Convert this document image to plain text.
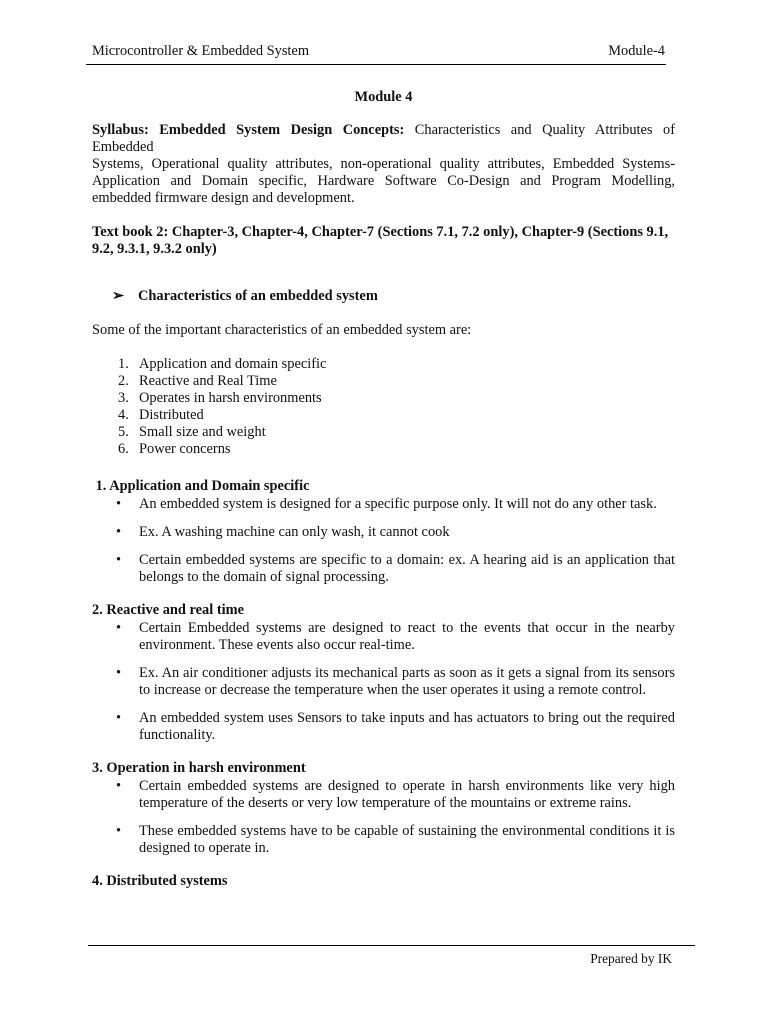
Microcontroller & Embedded System	Module-4
Module 4

Syllabus: Embedded System Design Concepts: Characteristics and Quality Attributes of Embedded
Systems, Operational quality attributes, non-operational quality attributes, Embedded Systems-Application and Domain specific, Hardware Software Co-Design and Program Modelling, embedded firmware design and development.

Text book 2: Chapter-3, Chapter-4, Chapter-7 (Sections 7.1, 7.2 only), Chapter-9 (Sections 9.1, 9.2, 9.3.1, 9.3.2 only)

➢ Characteristics of an embedded system

Some of the important characteristics of an embedded system are:

1. Application and domain specific
2. Reactive and Real Time
3. Operates in harsh environments
4. Distributed
5. Small size and weight
6. Power concerns
1. Application and Domain specific
•	An embedded system is designed for a specific purpose only. It will not do any other task.
•	Ex. A washing machine can only wash, it cannot cook
•	Certain embedded systems are specific to a domain: ex. A hearing aid is an application that belongs to the domain of signal processing.
2. Reactive and real time
•	Certain Embedded systems are designed to react to the events that occur in the nearby environment. These events also occur real-time.
•	Ex. An air conditioner adjusts its mechanical parts as soon as it gets a signal from its sensors to increase or decrease the temperature when the user operates it using a remote control.
•	An embedded system uses Sensors to take inputs and has actuators to bring out the required functionality.
3. Operation in harsh environment
•	Certain embedded systems are designed to operate in harsh environments like very high temperature of the deserts or very low temperature of the mountains or extreme rains.
•	These embedded systems have to be capable of sustaining the environmental conditions it is designed to operate in.
4. Distributed systems
Prepared by IK
